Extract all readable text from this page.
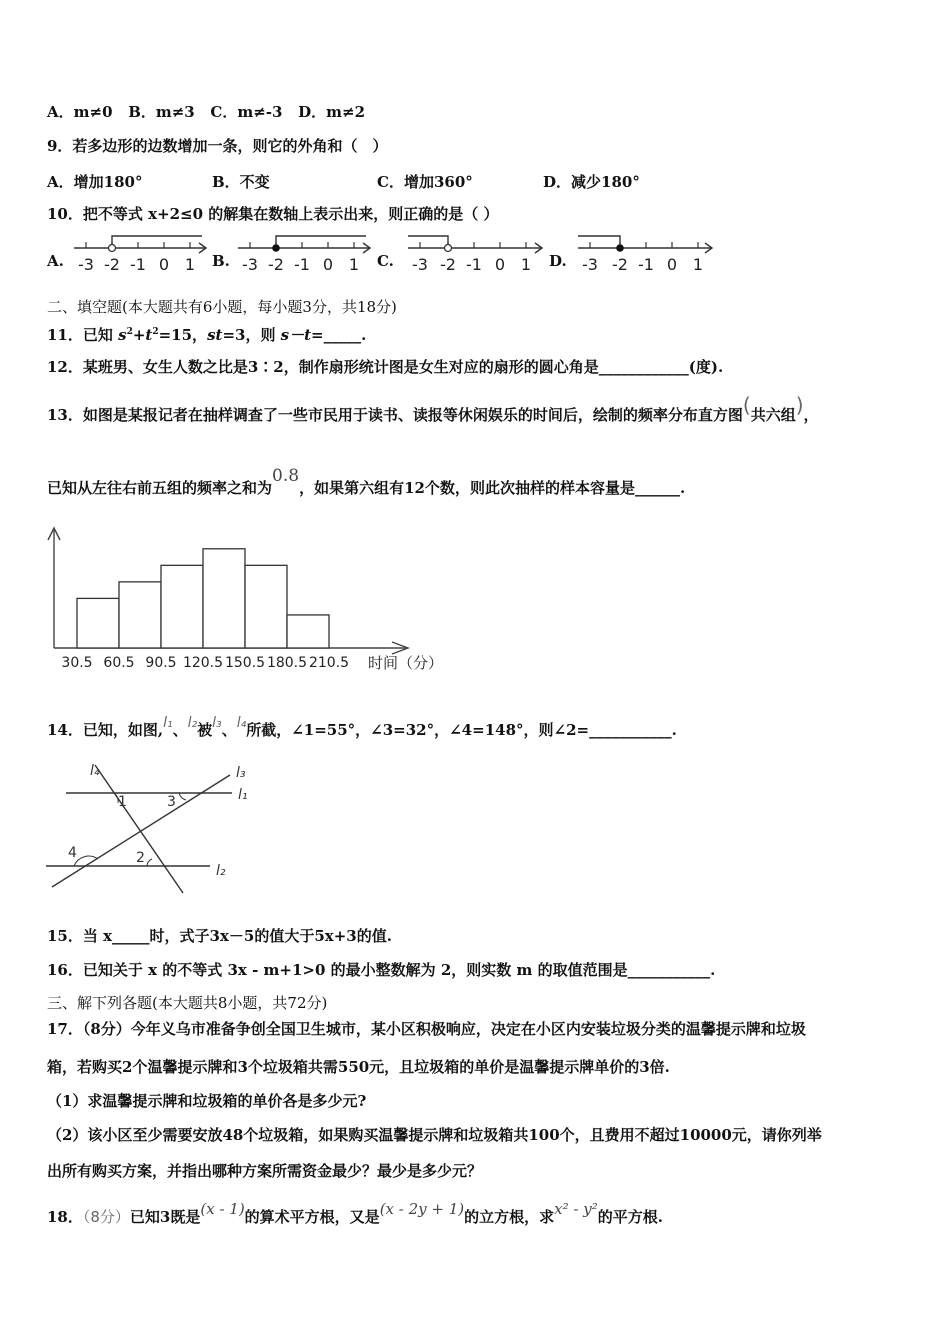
A．m≠0 B．m≠3 C．m≠-3 D．m≠2
9．若多边形的边数增加一条，则它的外角和（　）
A．增加180°	B．不变	C．增加360°	D．减少180°
10．把不等式 x+2≤0 的解集在数轴上表示出来，则正确的是（ ）
A. -3 -2 -1 0 1 B. -3 -2 -1 0 1 C. -3 -2 -1 0 1 D. -3 -2 -1 0 1
二、填空题(本大题共有6小题，每小题3分，共18分)
11．已知 $s^2+t^2=15$，st=3，则 s－t=_____.
12．某班男、女生人数之比是3∶2，制作扇形统计图是女生对应的扇形的圆心角是____________(度).
13．如图是某报记者在抽样调查了一些市民用于读书、读报等休闲娱乐的时间后，绘制的频率分布直方图(共六组)，
已知从左往右前五组的频率之和为0.8，如果第六组有12个数，则此次抽样的样本容量是______.
30.5 60.5 90.5 120.5 150.5 180.5 210.5 时间（分）
14．已知，如图,l₁、l₂被l₃、l₄所截，∠1=55°，∠3=32°，∠4=148°，则∠2=___________.
l₄	l₃
l₁
l₂
1	3
4	2
15．当 x_____时，式子3x－5的值大于5x+3的值.
16．已知关于 x 的不等式 3x - m+1>0 的最小整数解为 2，则实数 m 的取值范围是___________.
三、解下列各题(本大题共8小题，共72分)
17．（8分）今年义乌市准备争创全国卫生城市，某小区积极响应，决定在小区内安装垃圾分类的温馨提示牌和垃圾
箱，若购买2个温馨提示牌和3个垃圾箱共需550元，且垃圾箱的单价是温馨提示牌单价的3倍.
（1）求温馨提示牌和垃圾箱的单价各是多少元?
（2）该小区至少需要安放48个垃圾箱，如果购买温馨提示牌和垃圾箱共100个，且费用不超过10000元，请你列举
出所有购买方案，并指出哪种方案所需资金最少？最少是多少元？
18．（8分）已知3既是(x - 1)的算术平方根，又是(x - 2y + 1)的立方根，求x² - y²的平方根.
